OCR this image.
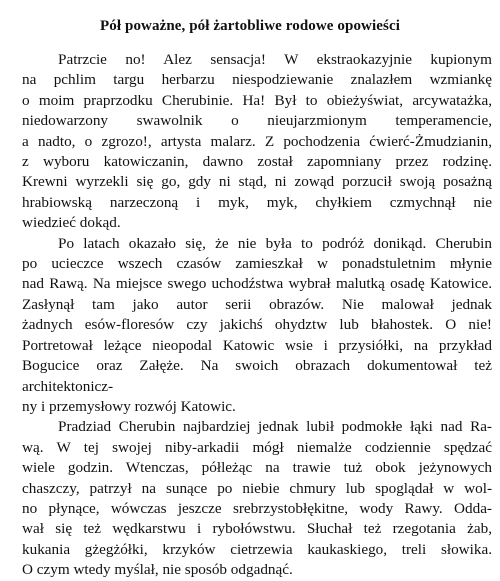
Pół poważne, pół żartobliwe rodowe opowieści

Patrzcie no! Alez sensacja! W ekstraokazyjnie kupionym
na pchlim targu herbarzu niespodziewanie znalazłem wzmiankę
o moim praprzodku Cherubinie. Ha! Był to obieżyświat, arcywatażka,
niedowarzony swawolnik o nieujarzmionym temperamencie,
a nadto, o zgrozo!, artysta malarz. Z pochodzenia ćwierć-Żmudzianin,
z wyboru katowiczanin, dawno został zapomniany przez rodzinę.
Krewni wyrzekli się go, gdy ni stąd, ni zowąd porzucił swoją posażną
hrabiowską narzeczoną i myk, myk, chyłkiem czmychnął nie
wiedzieć dokąd.

Po latach okazało się, że nie była to podróż donikąd. Cherubin
po ucieczce wszech czasów zamieszkał w ponadstuletnim młynie
nad Rawą. Na miejsce swego uchodźstwa wybrał malutką osadę Katowice.
Zasłynął tam jako autor serii obrazów. Nie malował jednak
żadnych esów-floresów czy jakichś ohydztw lub błahostek. O nie!
Portretował leżące nieopodal Katowic wsie i przysiółki, na przykład
Bogucice oraz Załęże. Na swoich obrazach dokumentował też architektonicz-
ny i przemysłowy rozwój Katowic.

Pradziad Cherubin najbardziej jednak lubił podmokłe łąki nad Ra-
wą. W tej swojej niby-arkadii mógł niemalże codziennie spędzać
wiele godzin. Wtenczas, półleżąc na trawie tuż obok jeżynowych
chaszczy, patrzył na sunące po niebie chmury lub spoglądał w wol-
no płynące, wówczas jeszcze srebrzystobłękitne, wody Rawy. Odda-
wał się też wędkarstwu i rybołówstwu. Słuchał też rzegotania żab,
kukania gżegżółki, krzyków cietrzewia kaukaskiego, treli słowika.
O czym wtedy myślał, nie sposób odgadnąć.
